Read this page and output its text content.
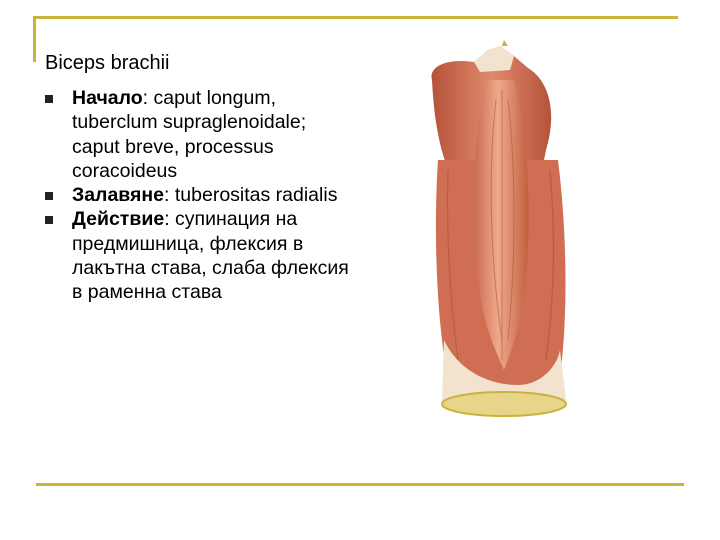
Biceps brachii
Начало: caput longum, tuberclum supraglenoidale; caput breve, processus coracoideus
Залавяне: tuberositas radialis
Действие: супинация на предмишница, флексия в лакътна става, слаба флексия в раменна става
